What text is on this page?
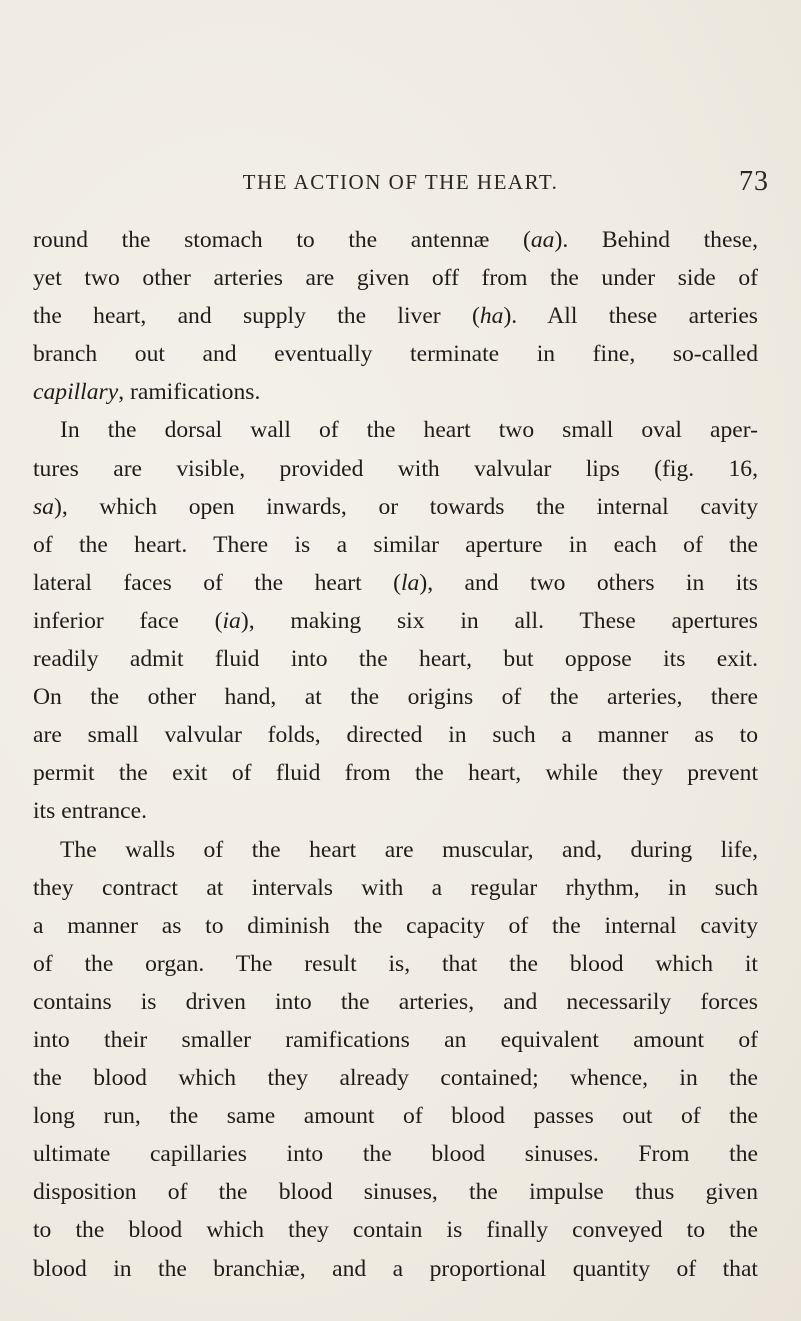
THE ACTION OF THE HEART.	73
round the stomach to the antennæ (aa). Behind these,
yet two other arteries are given off from the under side of
the heart, and supply the liver (ha). All these arteries
branch out and eventually terminate in fine, so-called
capillary, ramifications.
In the dorsal wall of the heart two small oval aper-
tures are visible, provided with valvular lips (fig. 16,
sa), which open inwards, or towards the internal cavity
of the heart. There is a similar aperture in each of the
lateral faces of the heart (la), and two others in its
inferior face (ia), making six in all. These apertures
readily admit fluid into the heart, but oppose its exit.
On the other hand, at the origins of the arteries, there
are small valvular folds, directed in such a manner as to
permit the exit of fluid from the heart, while they prevent
its entrance.
The walls of the heart are muscular, and, during life,
they contract at intervals with a regular rhythm, in such
a manner as to diminish the capacity of the internal cavity
of the organ. The result is, that the blood which it
contains is driven into the arteries, and necessarily forces
into their smaller ramifications an equivalent amount of
the blood which they already contained; whence, in the
long run, the same amount of blood passes out of the
ultimate capillaries into the blood sinuses. From the
disposition of the blood sinuses, the impulse thus given
to the blood which they contain is finally conveyed to the
blood in the branchiæ, and a proportional quantity of that
